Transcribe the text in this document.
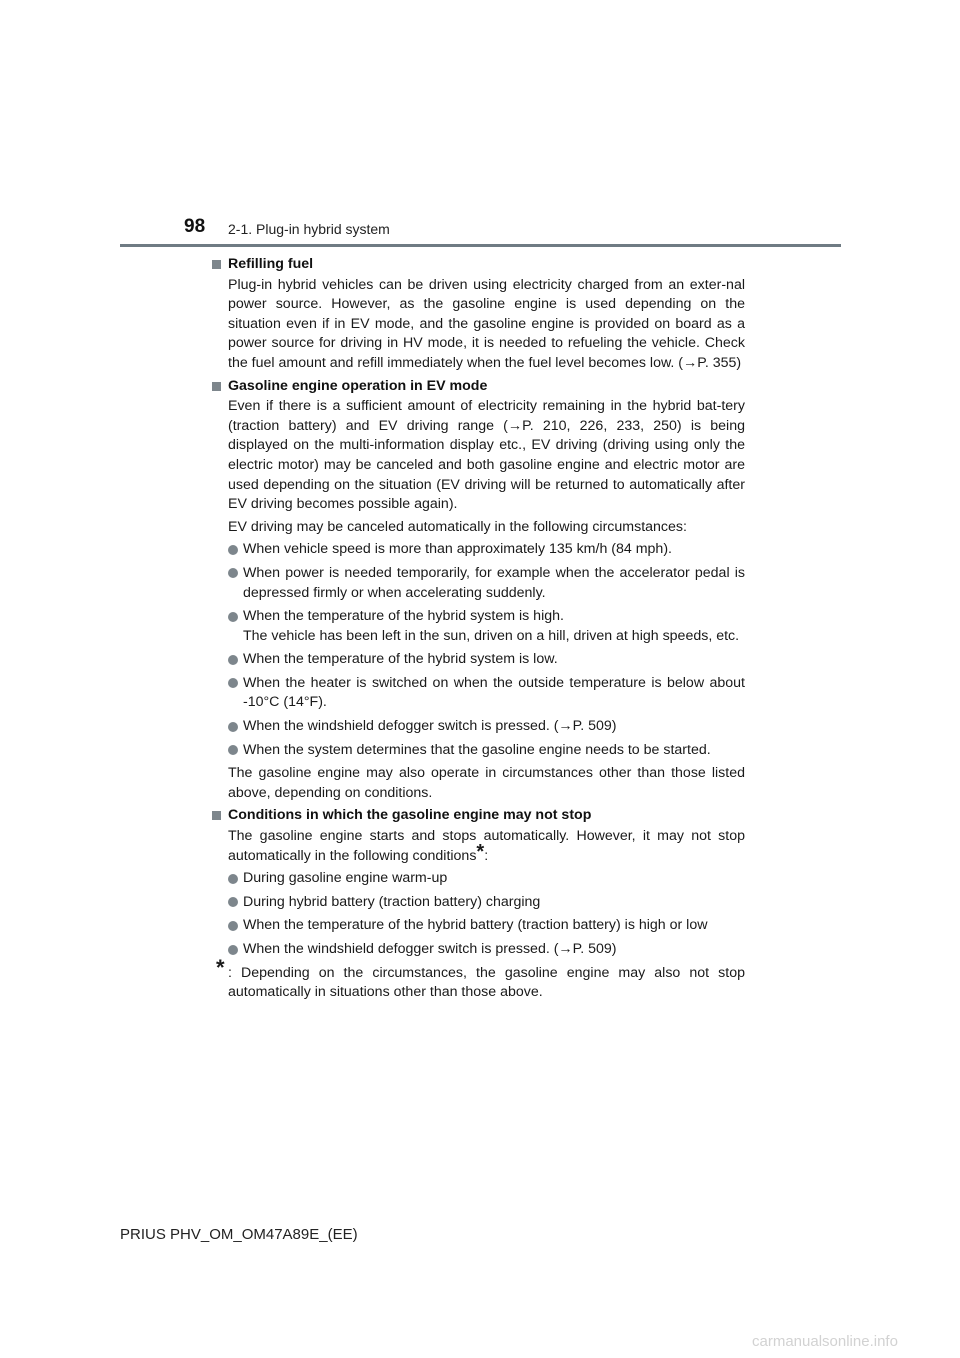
98 2-1. Plug-in hybrid system
Refilling fuel

Plug-in hybrid vehicles can be driven using electricity charged from an exter-nal power source. However, as the gasoline engine is used depending on the situation even if in EV mode, and the gasoline engine is provided on board as a power source for driving in HV mode, it is needed to refueling the vehicle. Check the fuel amount and refill immediately when the fuel level becomes low. (→P. 355)

Gasoline engine operation in EV mode

Even if there is a sufficient amount of electricity remaining in the hybrid bat-tery (traction battery) and EV driving range (→P. 210, 226, 233, 250) is being displayed on the multi-information display etc., EV driving (driving using only the electric motor) may be canceled and both gasoline engine and electric motor are used depending on the situation (EV driving will be returned to automatically after EV driving becomes possible again).

EV driving may be canceled automatically in the following circumstances:

When vehicle speed is more than approximately 135 km/h (84 mph).
When power is needed temporarily, for example when the accelerator pedal is depressed firmly or when accelerating suddenly.
When the temperature of the hybrid system is high.
The vehicle has been left in the sun, driven on a hill, driven at high speeds, etc.
When the temperature of the hybrid system is low.
When the heater is switched on when the outside temperature is below about -10°C (14°F).
When the windshield defogger switch is pressed. (→P. 509)
When the system determines that the gasoline engine needs to be started.

The gasoline engine may also operate in circumstances other than those listed above, depending on conditions.

Conditions in which the gasoline engine may not stop

The gasoline engine starts and stops automatically. However, it may not stop automatically in the following conditions*:

During gasoline engine warm-up
During hybrid battery (traction battery) charging
When the temperature of the hybrid battery (traction battery) is high or low
When the windshield defogger switch is pressed. (→P. 509)
* : Depending on the circumstances, the gasoline engine may also not stop automatically in situations other than those above.
PRIUS PHV_OM_OM47A89E_(EE)
carmanualsonline.info
